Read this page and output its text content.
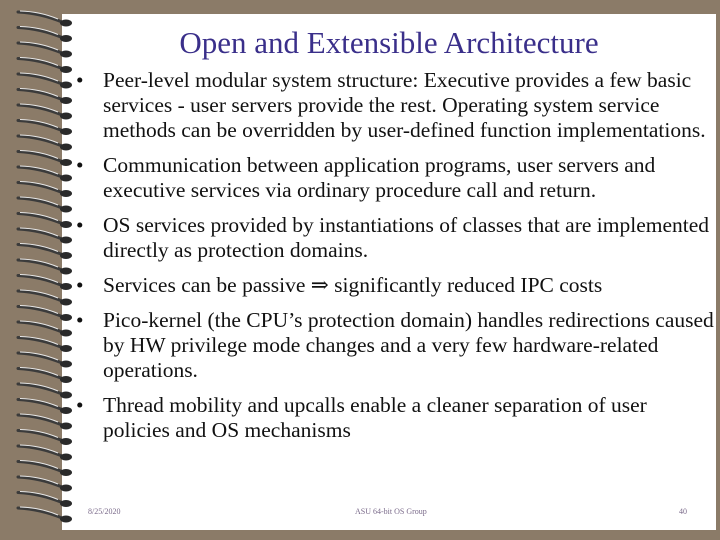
Open and Extensible Architecture
• Peer-level modular system structure: Executive provides a few basic services - user servers provide the rest. Operating system service methods can be overridden by user-defined function implementations.
• Communication between application programs, user servers and executive services via ordinary procedure call and return.
• OS services provided by instantiations of classes that are implemented directly as protection domains.
• Services can be passive ⇒ significantly reduced IPC costs
• Pico-kernel (the CPU’s protection domain) handles redirections caused by HW privilege mode changes and a very few hardware-related operations.
• Thread mobility and upcalls enable a cleaner separation of user policies and OS mechanisms
8/25/2020	ASU 64-bit OS Group	40
